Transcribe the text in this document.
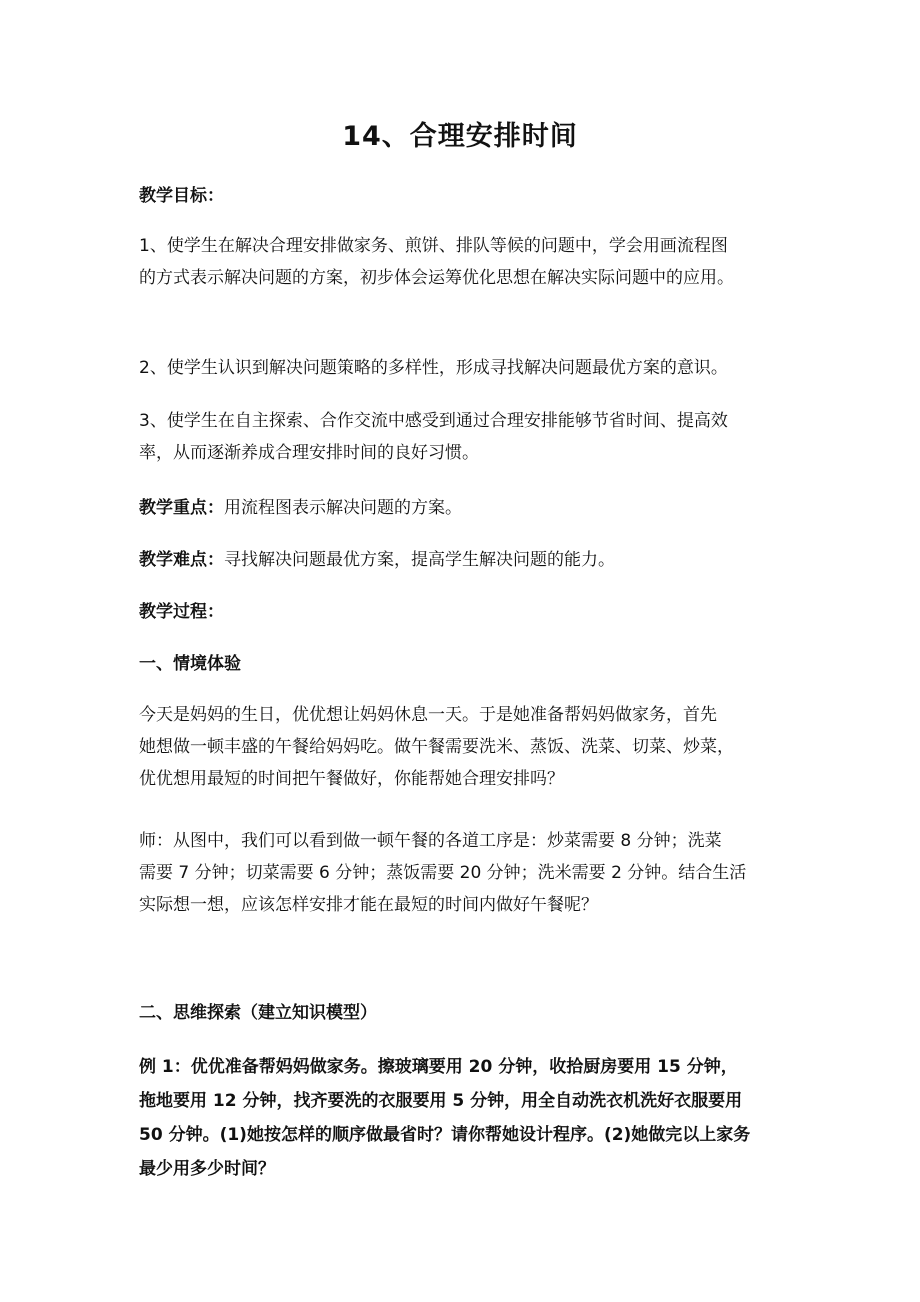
14、合理安排时间
教学目标：
1、使学生在解决合理安排做家务、煎饼、排队等候的问题中，学会用画流程图
的方式表示解决问题的方案，初步体会运筹优化思想在解决实际问题中的应用。
2、使学生认识到解决问题策略的多样性，形成寻找解决问题最优方案的意识。
3、使学生在自主探索、合作交流中感受到通过合理安排能够节省时间、提高效
率，从而逐渐养成合理安排时间的良好习惯。
教学重点：用流程图表示解决问题的方案。
教学难点：寻找解决问题最优方案，提高学生解决问题的能力。
教学过程：
一、情境体验
今天是妈妈的生日，优优想让妈妈休息一天。于是她准备帮妈妈做家务，首先
她想做一顿丰盛的午餐给妈妈吃。做午餐需要洗米、蒸饭、洗菜、切菜、炒菜，
优优想用最短的时间把午餐做好，你能帮她合理安排吗？
师：从图中，我们可以看到做一顿午餐的各道工序是：炒菜需要 8 分钟；洗菜
需要 7 分钟；切菜需要 6 分钟；蒸饭需要 20 分钟；洗米需要 2 分钟。结合生活
实际想一想，应该怎样安排才能在最短的时间内做好午餐呢？
二、思维探索（建立知识模型）
例 1：优优准备帮妈妈做家务。擦玻璃要用 20 分钟，收拾厨房要用 15 分钟，
拖地要用 12 分钟，找齐要洗的衣服要用 5 分钟，用全自动洗衣机洗好衣服要用
50 分钟。(1)她按怎样的顺序做最省时？请你帮她设计程序。(2)她做完以上家务
最少用多少时间？
